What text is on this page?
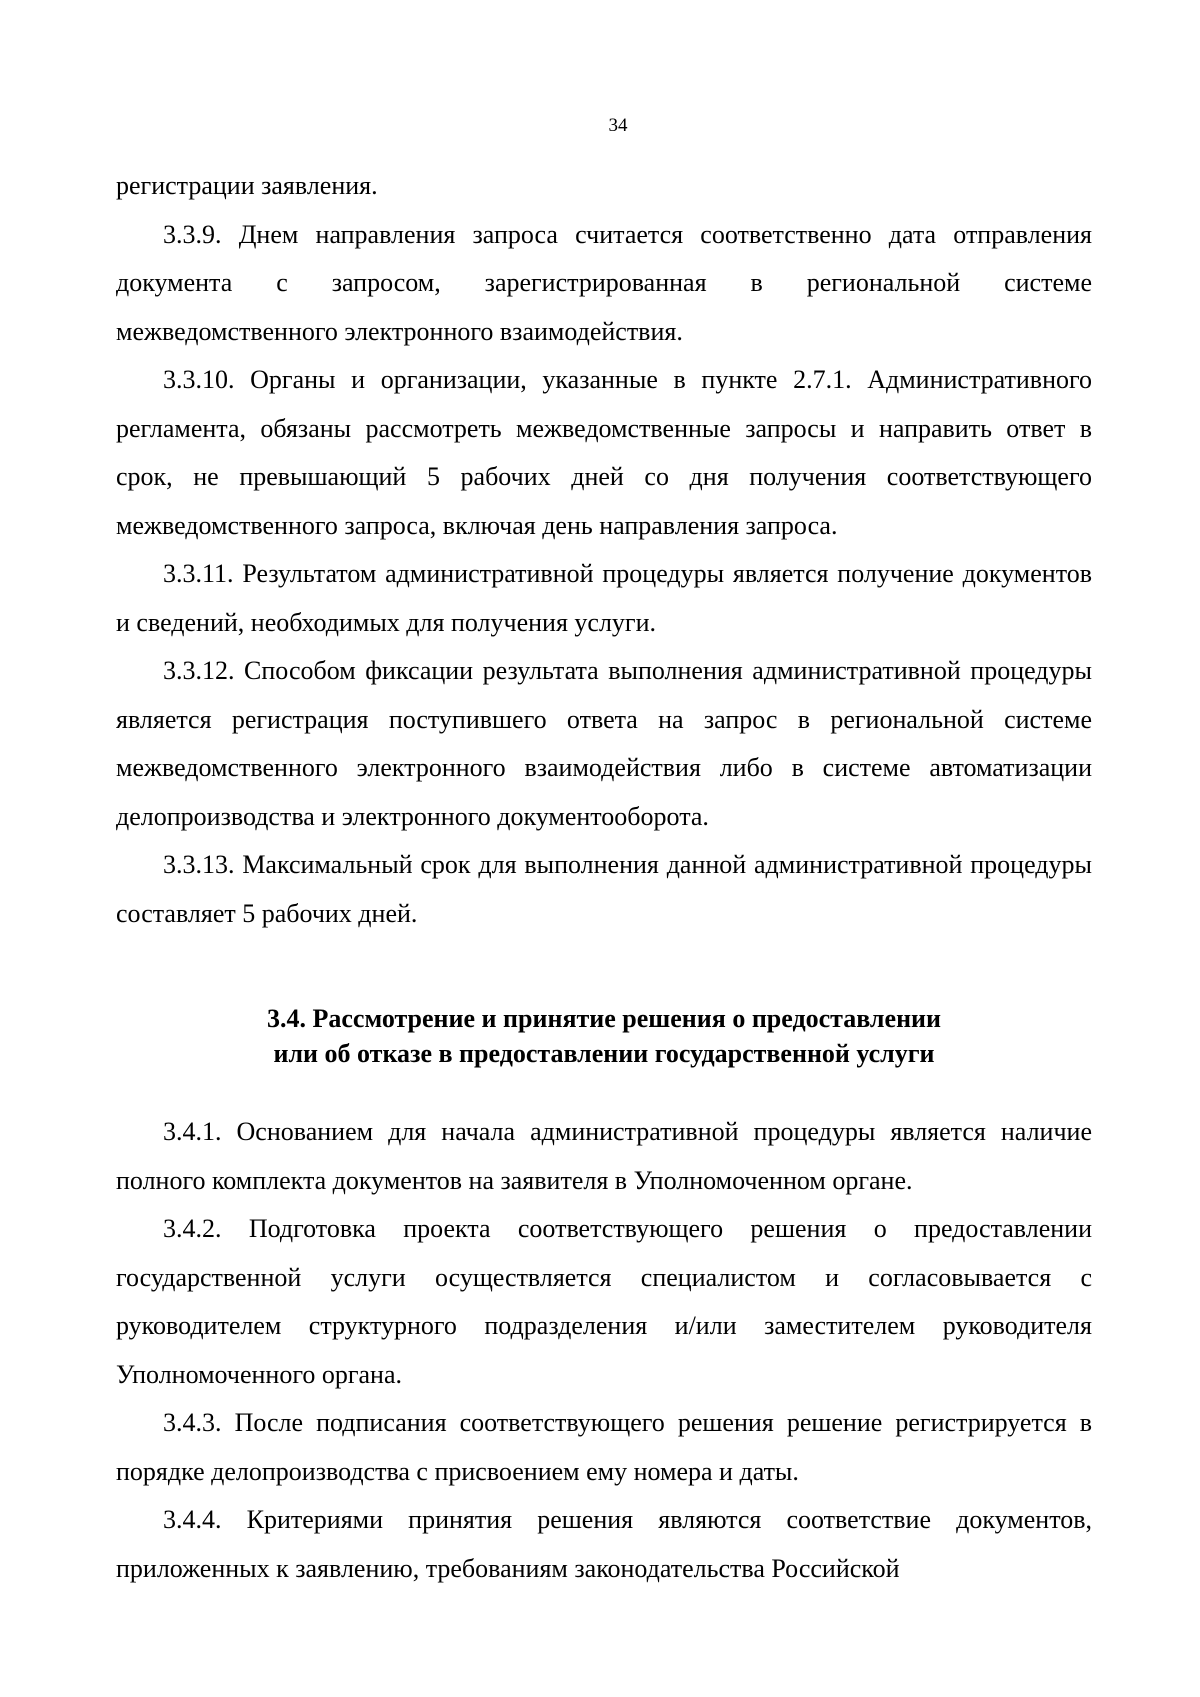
34

регистрации заявления.

3.3.9. Днем направления запроса считается соответственно дата отправления документа с запросом, зарегистрированная в региональной системе межведомственного электронного взаимодействия.

3.3.10. Органы и организации, указанные в пункте 2.7.1. Административного регламента, обязаны рассмотреть межведомственные запросы и направить ответ в срок, не превышающий 5 рабочих дней со дня получения соответствующего межведомственного запроса, включая день направления запроса.

3.3.11. Результатом административной процедуры является получение документов и сведений, необходимых для получения услуги.

3.3.12. Способом фиксации результата выполнения административной процедуры является регистрация поступившего ответа на запрос в региональной системе межведомственного электронного взаимодействия либо в системе автоматизации делопроизводства и электронного документооборота.

3.3.13. Максимальный срок для выполнения данной административной процедуры составляет 5 рабочих дней.

3.4. Рассмотрение и принятие решения о предоставлении
или об отказе в предоставлении государственной услуги

3.4.1. Основанием для начала административной процедуры является наличие полного комплекта документов на заявителя в Уполномоченном органе.

3.4.2. Подготовка проекта соответствующего решения о предоставлении государственной услуги осуществляется специалистом и согласовывается с руководителем структурного подразделения и/или заместителем руководителя Уполномоченного органа.

3.4.3. После подписания соответствующего решения решение регистрируется в порядке делопроизводства с присвоением ему номера и даты.

3.4.4. Критериями принятия решения являются соответствие документов, приложенных к заявлению, требованиям законодательства Российской
